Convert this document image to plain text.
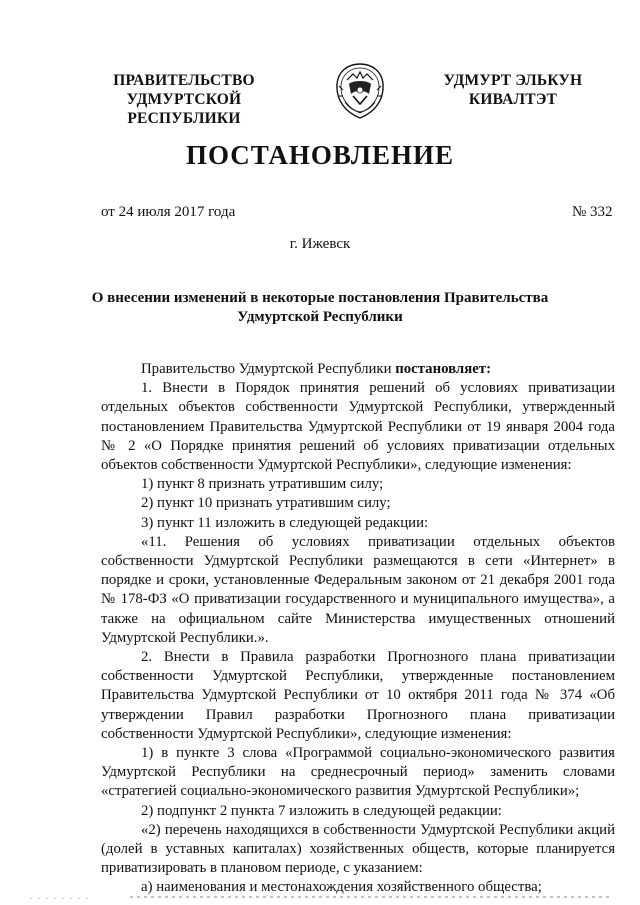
ПРАВИТЕЛЬСТВО
УДМУРТСКОЙ РЕСПУБЛИКИ
УДМУРТ ЭЛЬКУН
КИВАЛТЭТ
ПОСТАНОВЛЕНИЕ
от 24 июля 2017 года	№ 332
г. Ижевск
О внесении изменений в некоторые постановления Правительства
Удмуртской Республики

Правительство Удмуртской Республики постановляет:

1. Внести в Порядок принятия решений об условиях приватизации отдельных объектов собственности Удмуртской Республики, утвержденный постановлением Правительства Удмуртской Республики от 19 января 2004 года № 2 «О Порядке принятия решений об условиях приватизации отдельных объектов собственности Удмуртской Республики», следующие изменения:

1) пункт 8 признать утратившим силу;

2) пункт 10 признать утратившим силу;

3) пункт 11 изложить в следующей редакции:

«11. Решения об условиях приватизации отдельных объектов собственности Удмуртской Республики размещаются в сети «Интернет» в порядке и сроки, установленные Федеральным законом от 21 декабря 2001 года № 178-ФЗ «О приватизации государственного и муниципального имущества», а также на официальном сайте Министерства имущественных отношений Удмуртской Республики.».

2. Внести в Правила разработки Прогнозного плана приватизации собственности Удмуртской Республики, утвержденные постановлением Правительства Удмуртской Республики от 10 октября 2011 года № 374 «Об утверждении Правил разработки Прогнозного плана приватизации собственности Удмуртской Республики», следующие изменения:

1) в пункте 3 слова «Программой социально-экономического развития Удмуртской Республики на среднесрочный период» заменить словами «стратегией социально-экономического развития Удмуртской Республики»;

2) подпункт 2 пункта 7 изложить в следующей редакции:

«2) перечень находящихся в собственности Удмуртской Республики акций (долей в уставных капиталах) хозяйственных обществ, которые планируется приватизировать в плановом периоде, с указанием:

а) наименования и местонахождения хозяйственного общества;
